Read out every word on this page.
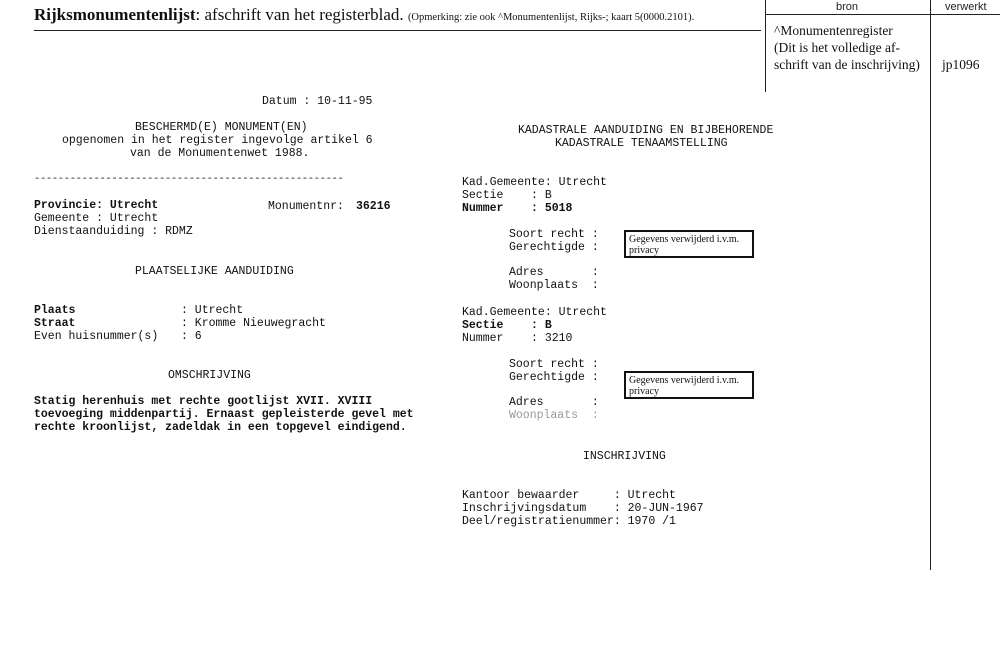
Rijksmonumentenlijst: afschrift van het registerblad. (Opmerking: zie ook ^Monumentenlijst, Rijks-; kaart 5(0000.2101).
bron	verwerkt
^Monumentenregister
(Dit is het volledige af-
schrift van de inschrijving) jp1096
Datum : 10-11-95
BESCHERMD(E) MONUMENT(EN)
opgenomen in het register ingevolge artikel 6
van de Monumentenwet 1988.
----------------------------------------------------
Provincie: Utrecht
Gemeente : Utrecht
Dienstaanduiding : RDMZ
Monumentnr: 36216
PLAATSELIJKE AANDUIDING
Plaats	: Utrecht
Straat	: Kromme Nieuwegracht
Even huisnummer(s) : 6
OMSCHRIJVING
Statig herenhuis met rechte gootlijst XVII. XVIII
toevoeging middenpartij. Ernaast gepleisterde gevel met
rechte kroonlijst, zadeldak in een topgevel eindigend.
KADASTRALE AANDUIDING EN BIJBEHORENDE
KADASTRALE TENAAMSTELLING
Kad.Gemeente: Utrecht
Sectie    : B
Nummer    : 5018
Soort recht :
Gerechtigde :
Gegevens verwijderd i.v.m. privacy
Adres       :
Woonplaats  :
Kad.Gemeente: Utrecht
Sectie    : B
Nummer    : 3210
Soort recht :
Gerechtigde :	Gegevens verwijderd i.v.m. privacy
Adres       :
Woonplaats  :
INSCHRIJVING
Kantoor bewaarder     : Utrecht
Inschrijvingsdatum    : 20-JUN-1967
Deel/registratienummer: 1970 /1
